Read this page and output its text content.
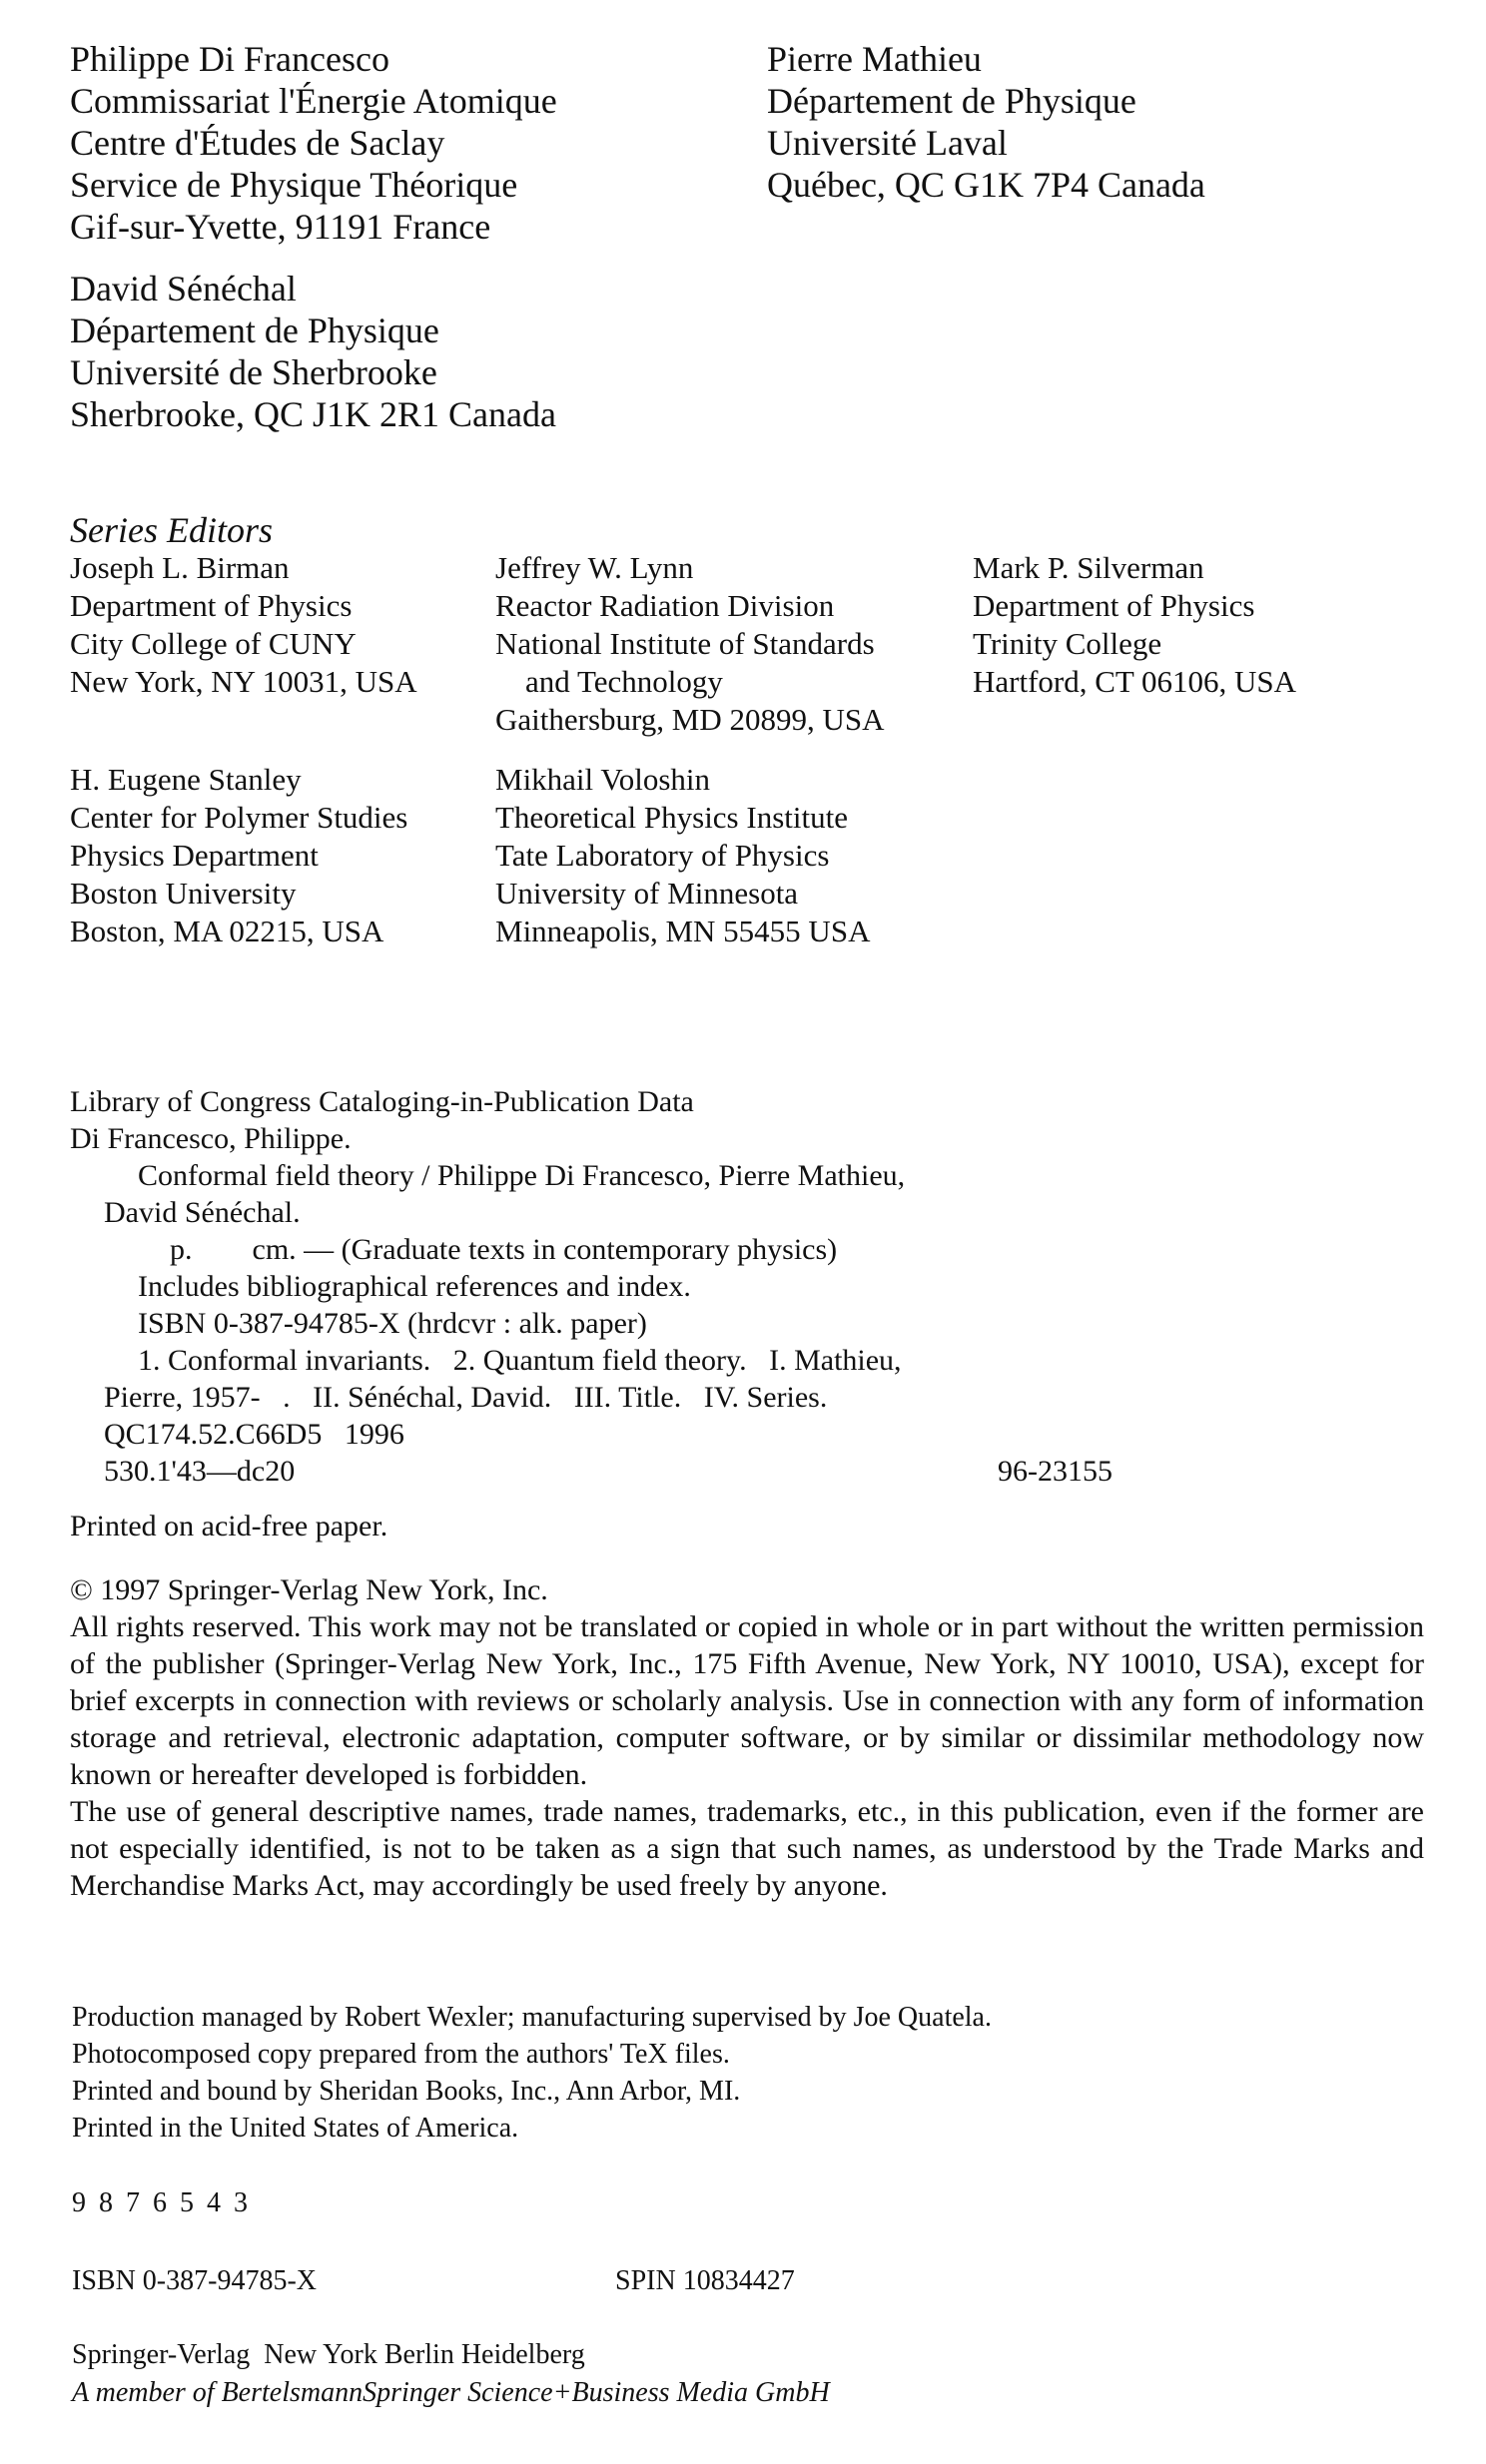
Philippe Di Francesco
Commissariat l'Énergie Atomique
Centre d'Études de Saclay
Service de Physique Théorique
Gif-sur-Yvette, 91191 France
Pierre Mathieu
Département de Physique
Université Laval
Québec, QC G1K 7P4 Canada
David Sénéchal
Département de Physique
Université de Sherbrooke
Sherbrooke, QC J1K 2R1 Canada
Series Editors
Joseph L. Birman
Department of Physics
City College of CUNY
New York, NY 10031, USA
Jeffrey W. Lynn
Reactor Radiation Division
National Institute of Standards
and Technology
Gaithersburg, MD 20899, USA
Mark P. Silverman
Department of Physics
Trinity College
Hartford, CT 06106, USA
H. Eugene Stanley
Center for Polymer Studies
Physics Department
Boston University
Boston, MA 02215, USA
Mikhail Voloshin
Theoretical Physics Institute
Tate Laboratory of Physics
University of Minnesota
Minneapolis, MN 55455 USA
Library of Congress Cataloging-in-Publication Data
Di Francesco, Philippe.
Conformal field theory / Philippe Di Francesco, Pierre Mathieu,
David Sénéchal.
p. cm. — (Graduate texts in contemporary physics)
Includes bibliographical references and index.
ISBN 0-387-94785-X (hrdcvr : alk. paper)
1. Conformal invariants.   2. Quantum field theory.   I. Mathieu,
Pierre, 1957-   .   II. Sénéchal, David.   III. Title.   IV. Series.
QC174.52.C66D5   1996
530.1'43—dc20	96-23155
Printed on acid-free paper.
© 1997 Springer-Verlag New York, Inc.
All rights reserved. This work may not be translated or copied in whole or in part without the written permission of the publisher (Springer-Verlag New York, Inc., 175 Fifth Avenue, New York, NY 10010, USA), except for brief excerpts in connection with reviews or scholarly analysis. Use in connection with any form of information storage and retrieval, electronic adaptation, computer software, or by similar or dissimilar methodology now known or hereafter developed is forbidden.
The use of general descriptive names, trade names, trademarks, etc., in this publication, even if the former are not especially identified, is not to be taken as a sign that such names, as understood by the Trade Marks and Merchandise Marks Act, may accordingly be used freely by anyone.
Production managed by Robert Wexler; manufacturing supervised by Joe Quatela.
Photocomposed copy prepared from the authors' TeX files.
Printed and bound by Sheridan Books, Inc., Ann Arbor, MI.
Printed in the United States of America.
9 8 7 6 5 4 3
ISBN 0-387-94785-X	SPIN 10834427
Springer-Verlag  New York Berlin Heidelberg
A member of BertelsmannSpringer Science+Business Media GmbH
